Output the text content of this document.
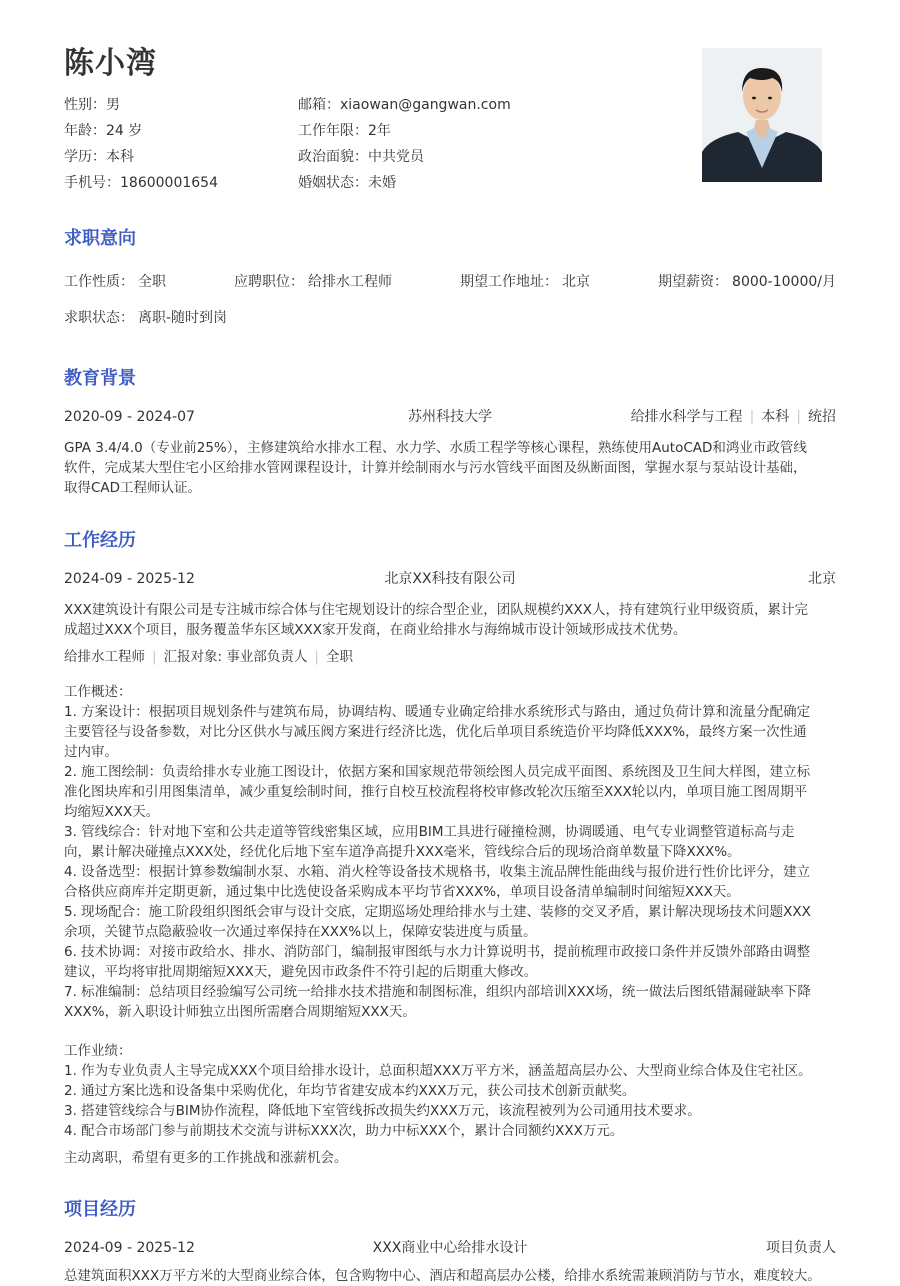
陈小湾
性别 ： 男	邮箱 ： xiaowan@gangwan.com
年龄 ： 24 岁	工作年限 ： 2年
学历 ： 本科	政治面貌 ： 中共党员
手机号 ： 18600001654	婚姻状态 ： 未婚
求职意向
工作性质 ： 全职	应聘职位 ： 给排水工程师	期望工作地址 ： 北京	期望薪资 ： 8000-10000/月
求职状态 ： 离职-随时到岗
教育背景
2020-09 - 2024-07	苏州科技大学	给排水科学与工程 | 本科 | 统招

GPA 3.4/4.0（专业前25%），主修建筑给水排水工程、水力学、水质工程学等核心课程，熟练使用AutoCAD和鸿业市政管线

软件，完成某大型住宅小区给排水管网课程设计，计算并绘制雨水与污水管线平面图及纵断面图，掌握水泵与泵站设计基础，

取得CAD工程师认证。

工作经历
2024-09 - 2025-12	北京XX科技有限公司	北京

XXX建筑设计有限公司是专注城市综合体与住宅规划设计的综合型企业，团队规模约XXX人，持有建筑行业甲级资质，累计完

成超过XXX个项目，服务覆盖华东区域XXX家开发商，在商业给排水与海绵城市设计领域形成技术优势。

给排水工程师 | 汇报对象: 事业部负责人 | 全职

工作概述：

1. 方案设计：根据项目规划条件与建筑布局，协调结构、暖通专业确定给排水系统形式与路由，通过负荷计算和流量分配确定

主要管径与设备参数，对比分区供水与减压阀方案进行经济比选，优化后单项目系统造价平均降低XXX%，最终方案一次性通

过内审。

2. 施工图绘制：负责给排水专业施工图设计，依据方案和国家规范带领绘图人员完成平面图、系统图及卫生间大样图，建立标

准化图块库和引用图集清单，减少重复绘制时间，推行自校互校流程将校审修改轮次压缩至XXX轮以内，单项目施工图周期平

均缩短XXX天。

3. 管线综合：针对地下室和公共走道等管线密集区域，应用BIM工具进行碰撞检测，协调暖通、电气专业调整管道标高与走

向，累计解决碰撞点XXX处，经优化后地下室车道净高提升XXX毫米，管线综合后的现场洽商单数量下降XXX%。

4. 设备选型：根据计算参数编制水泵、水箱、消火栓等设备技术规格书，收集主流品牌性能曲线与报价进行性价比评分，建立

合格供应商库并定期更新，通过集中比选使设备采购成本平均节省XXX%，单项目设备清单编制时间缩短XXX天。

5. 现场配合：施工阶段组织图纸会审与设计交底，定期巡场处理给排水与土建、装修的交叉矛盾，累计解决现场技术问题XXX

余项，关键节点隐蔽验收一次通过率保持在XXX%以上，保障安装进度与质量。

6. 技术协调：对接市政给水、排水、消防部门，编制报审图纸与水力计算说明书，提前梳理市政接口条件并反馈外部路由调整

建议，平均将审批周期缩短XXX天，避免因市政条件不符引起的后期重大修改。

7. 标准编制：总结项目经验编写公司统一给排水技术措施和制图标准，组织内部培训XXX场，统一做法后图纸错漏碰缺率下降

XXX%，新入职设计师独立出图所需磨合周期缩短XXX天。

工作业绩：

1. 作为专业负责人主导完成XXX个项目给排水设计，总面积超XXX万平方米，涵盖超高层办公、大型商业综合体及住宅社区。

2. 通过方案比选和设备集中采购优化，年均节省建安成本约XXX万元，获公司技术创新贡献奖。

3. 搭建管线综合与BIM协作流程，降低地下室管线拆改损失约XXX万元，该流程被列为公司通用技术要求。

4. 配合市场部门参与前期技术交流与讲标XXX次，助力中标XXX个，累计合同额约XXX万元。

主动离职，希望有更多的工作挑战和涨薪机会。
项目经历
2024-09 - 2025-12	XXX商业中心给排水设计	项目负责人

总建筑面积XXX万平方米的大型商业综合体，包含购物中心、酒店和超高层办公楼，给排水系统需兼顾消防与节水，难度较大。
